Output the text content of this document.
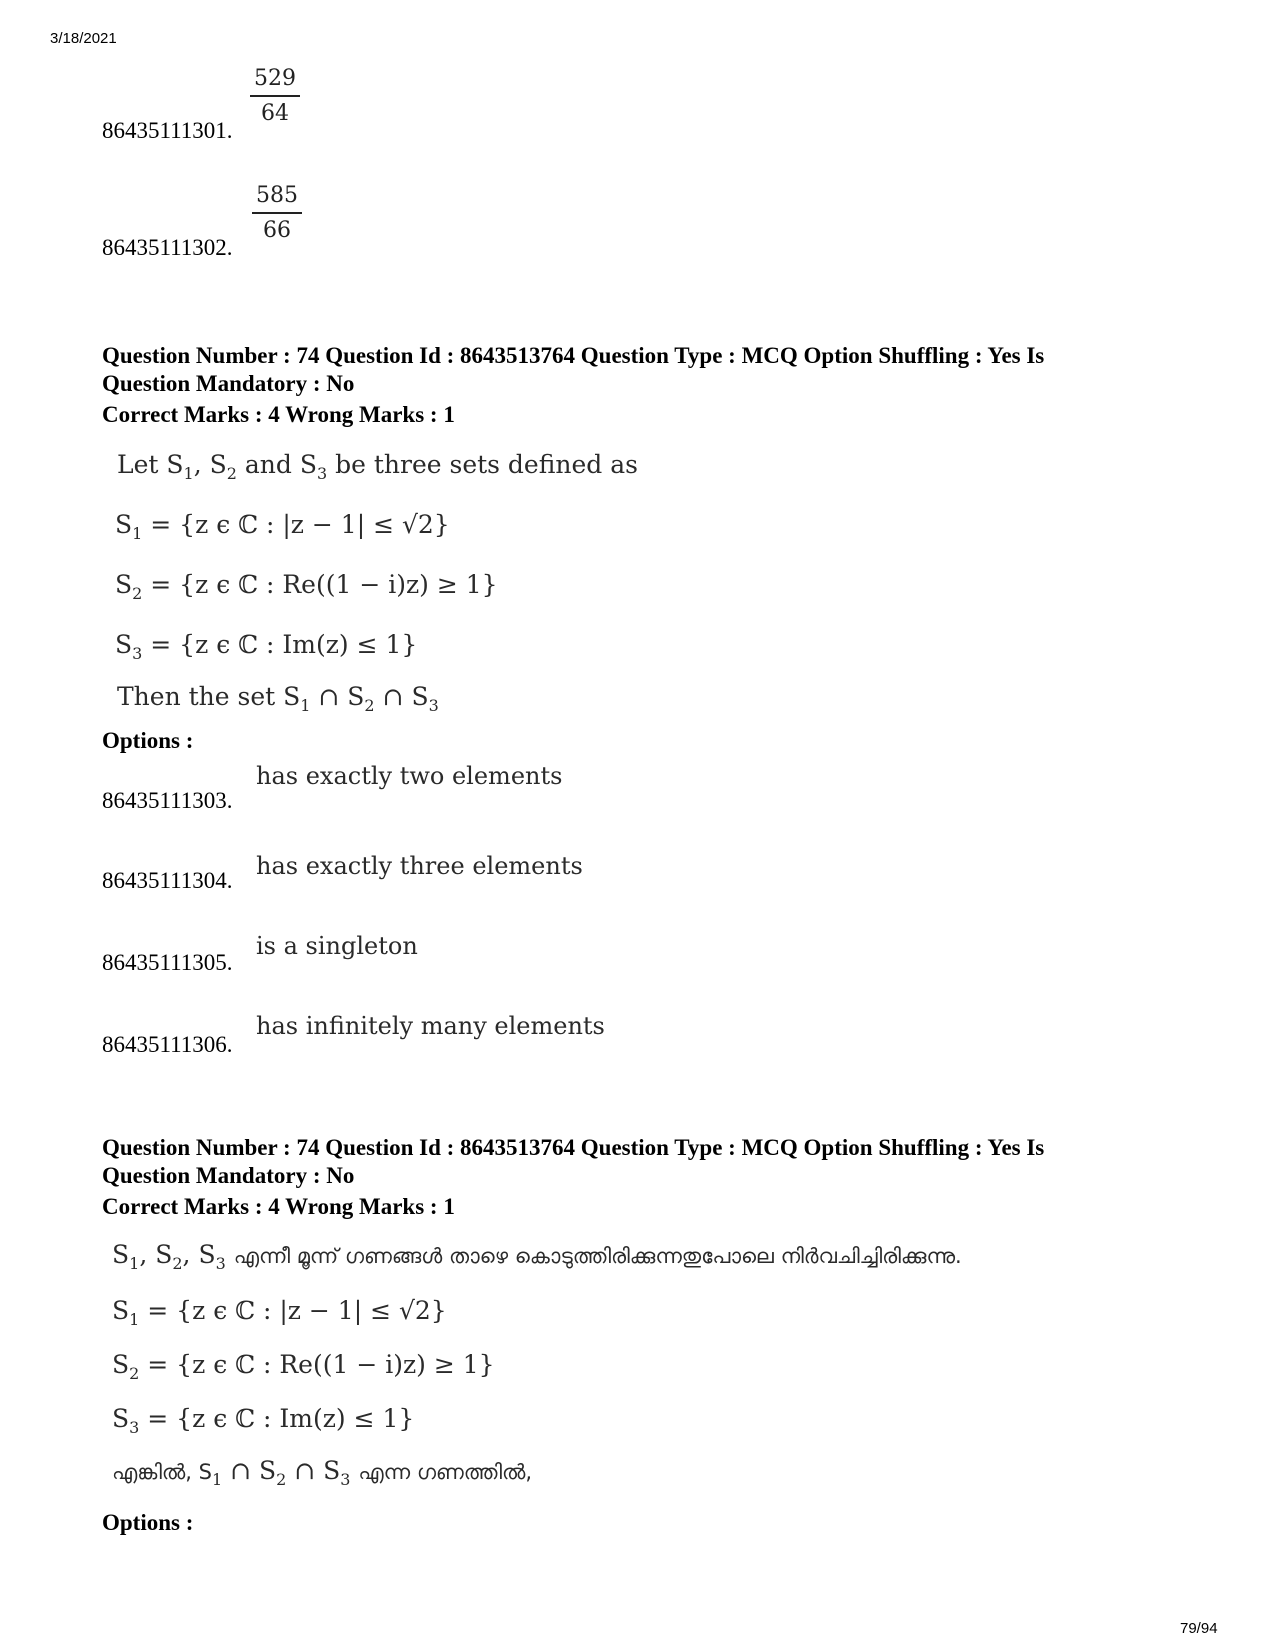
3/18/2021
79/94
86435111301.
$\frac{529}{64}$
86435111302.
$\frac{585}{66}$
Question Number : 74 Question Id : 8643513764 Question Type : MCQ Option Shuffling : Yes Is
Question Mandatory : No
Correct Marks : 4 Wrong Marks : 1
Let $S_1$, $S_2$ and $S_3$ be three sets defined as
$S_1 = \{z$ ϵ ℂ : |z − 1| ≤ √2}
$S_2 = \{z$ ϵ ℂ : Re((1 − i)z) ≥ 1}
$S_3 = \{z$ ϵ ℂ : Im(z) ≤ 1}
Then the set $S_1$ ∩ $S_2$ ∩ $S_3$
Options :
86435111303.
has exactly two elements
86435111304.
has exactly three elements
86435111305.
is a singleton
86435111306.
has infinitely many elements
Question Number : 74 Question Id : 8643513764 Question Type : MCQ Option Shuffling : Yes Is
Question Mandatory : No
Correct Marks : 4 Wrong Marks : 1
$S_1$, $S_2$, $S_3$ എന്നീ മൂന്ന് ഗണങ്ങൾ താഴെ കൊടുത്തിരിക്കുന്നതുപോലെ നിർവചിച്ചിരിക്കുന്നു.
$S_1 = \{z$ ϵ ℂ : |z − 1| ≤ √2}
$S_2 = \{z$ ϵ ℂ : Re((1 − i)z) ≥ 1}
$S_3 = \{z$ ϵ ℂ : Im(z) ≤ 1}
എങ്കിൽ, $S_1$ ∩ $S_2$ ∩ $S_3$ എന്ന ഗണത്തിൽ,
Options :
